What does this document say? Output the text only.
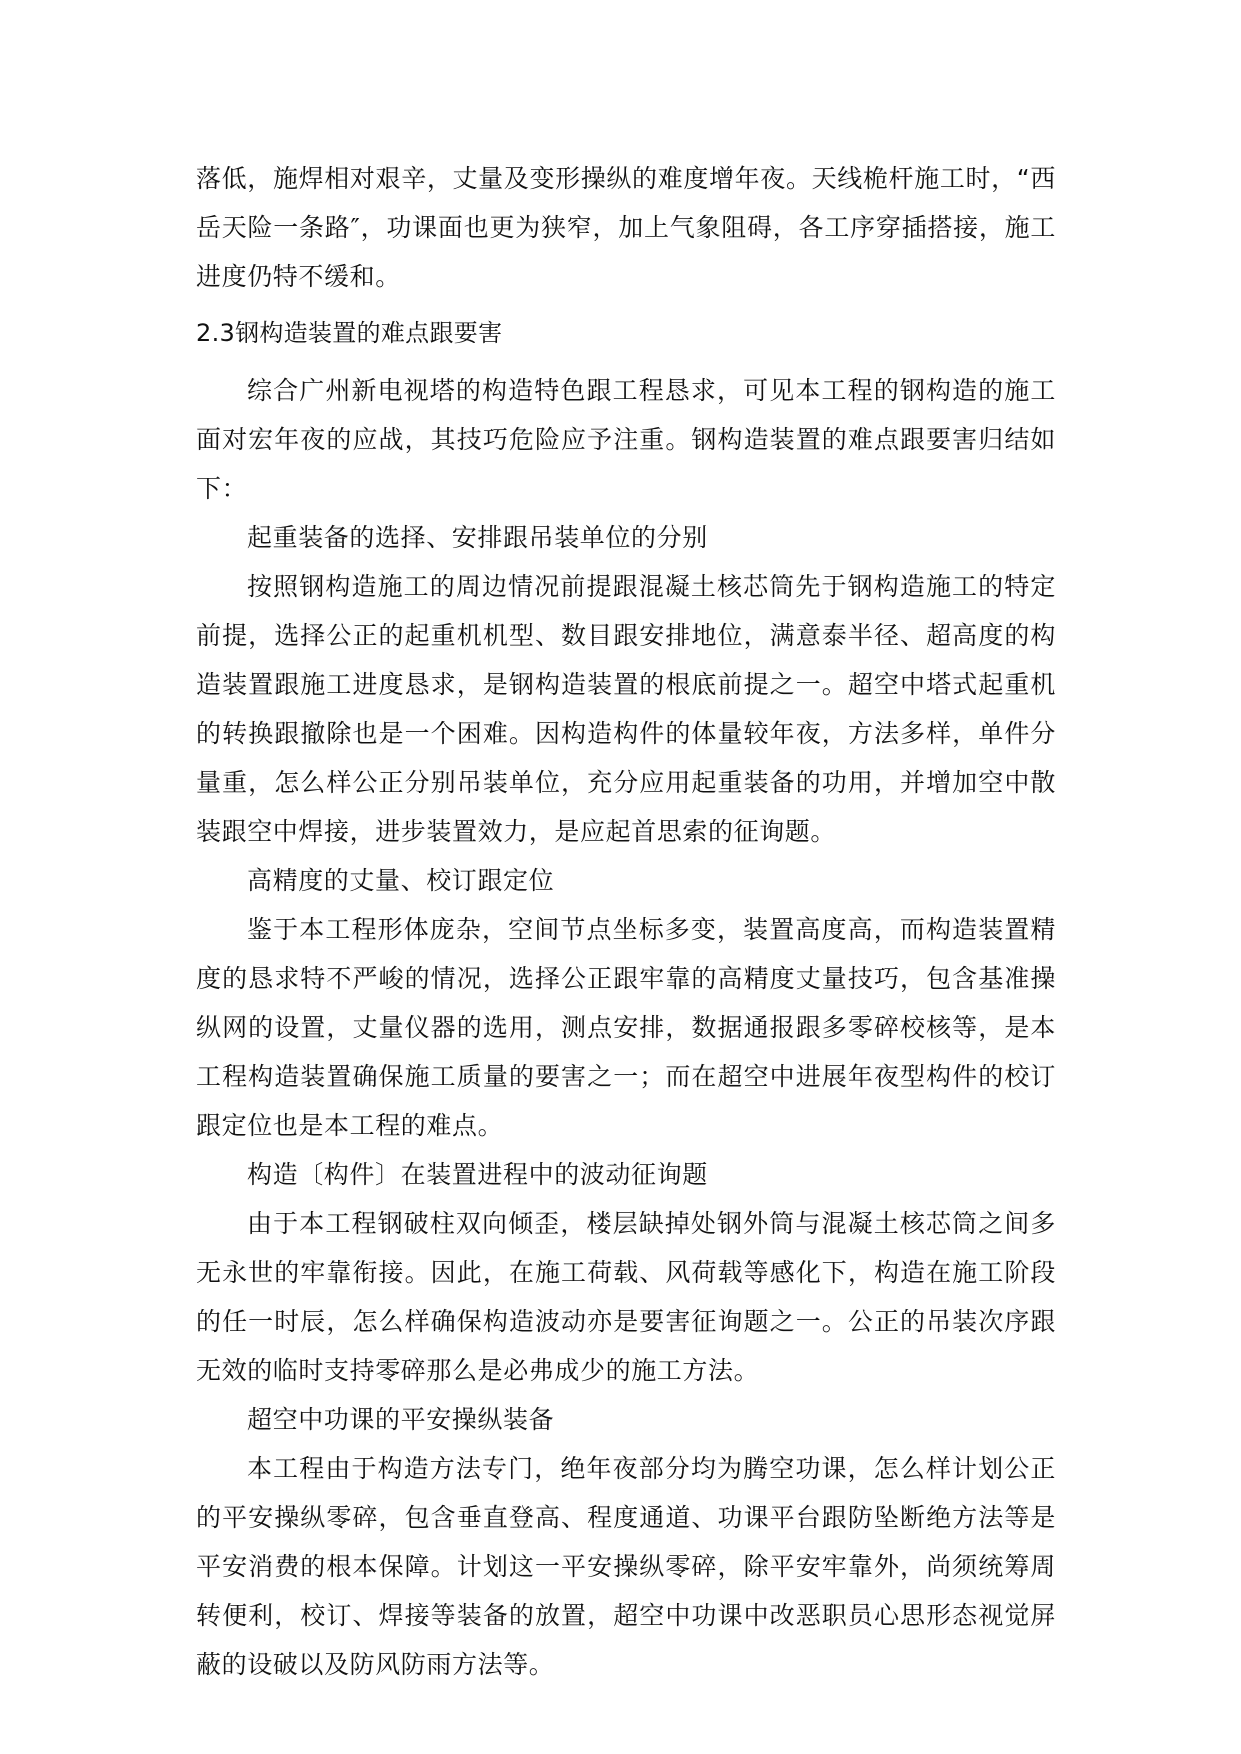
落低，施焊相对艰辛，丈量及变形操纵的难度增年夜。天线桅杆施工时，“西岳天险一条路″，功课面也更为狭窄，加上气象阻碍，各工序穿插搭接，施工进度仍特不缓和。

2.3钢构造装置的难点跟要害

综合广州新电视塔的构造特色跟工程恳求，可见本工程的钢构造的施工面对宏年夜的应战，其技巧危险应予注重。钢构造装置的难点跟要害归结如下：

起重装备的选择、安排跟吊装单位的分别

按照钢构造施工的周边情况前提跟混凝土核芯筒先于钢构造施工的特定前提，选择公正的起重机机型、数目跟安排地位，满意泰半径、超高度的构造装置跟施工进度恳求，是钢构造装置的根底前提之一。超空中塔式起重机的转换跟撤除也是一个困难。因构造构件的体量较年夜，方法多样，单件分量重，怎么样公正分别吊装单位，充分应用起重装备的功用，并增加空中散装跟空中焊接，进步装置效力，是应起首思索的征询题。

高精度的丈量、校订跟定位

鉴于本工程形体庞杂，空间节点坐标多变，装置高度高，而构造装置精度的恳求特不严峻的情况，选择公正跟牢靠的高精度丈量技巧，包含基准操纵网的设置，丈量仪器的选用，测点安排，数据通报跟多零碎校核等，是本工程构造装置确保施工质量的要害之一；而在超空中进展年夜型构件的校订跟定位也是本工程的难点。

构造〔构件〕在装置进程中的波动征询题

由于本工程钢破柱双向倾歪，楼层缺掉处钢外筒与混凝土核芯筒之间多无永世的牢靠衔接。因此，在施工荷载、风荷载等感化下，构造在施工阶段的任一时辰，怎么样确保构造波动亦是要害征询题之一。公正的吊装次序跟无效的临时支持零碎那么是必弗成少的施工方法。

超空中功课的平安操纵装备

本工程由于构造方法专门，绝年夜部分均为腾空功课，怎么样计划公正的平安操纵零碎，包含垂直登高、程度通道、功课平台跟防坠断绝方法等是平安消费的根本保障。计划这一平安操纵零碎，除平安牢靠外，尚须统筹周转便利，校订、焊接等装备的放置，超空中功课中改恶职员心思形态视觉屏蔽的设破以及防风防雨方法等。
